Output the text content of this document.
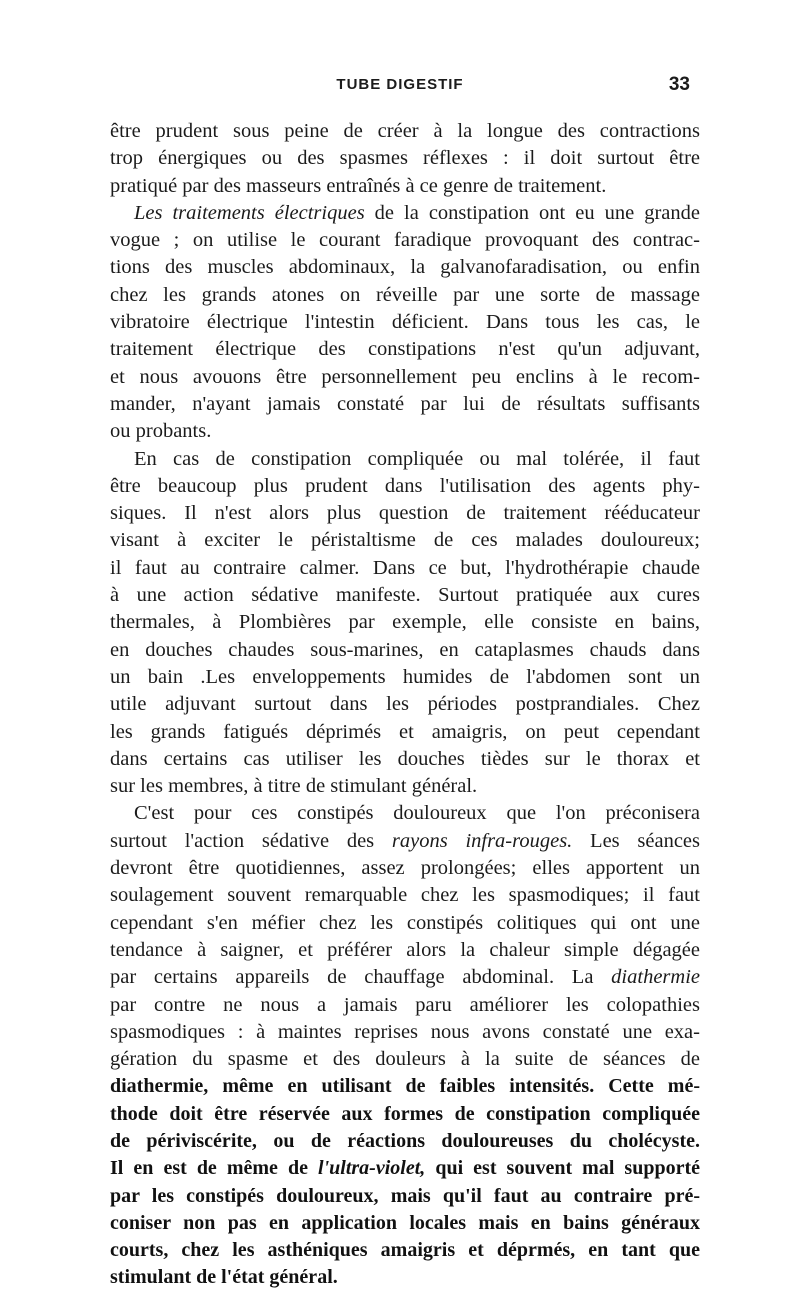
TUBE DIGESTIF	33
être prudent sous peine de créer à la longue des contractions
trop énergiques ou des spasmes réflexes : il doit surtout être
pratiqué par des masseurs entraînés à ce genre de traitement.
Les traitements électriques de la constipation ont eu une grande
vogue ; on utilise le courant faradique provoquant des contrac-
tions des muscles abdominaux, la galvanofaradisation, ou enfin
chez les grands atones on réveille par une sorte de massage
vibratoire électrique l'intestin déficient. Dans tous les cas, le
traitement électrique des constipations n'est qu'un adjuvant,
et nous avouons être personnellement peu enclins à le recom-
mander, n'ayant jamais constaté par lui de résultats suffisants
ou probants.
En cas de constipation compliquée ou mal tolérée, il faut
être beaucoup plus prudent dans l'utilisation des agents phy-
siques. Il n'est alors plus question de traitement rééducateur
visant à exciter le péristaltisme de ces malades douloureux;
il faut au contraire calmer. Dans ce but, l'hydrothérapie chaude
à une action sédative manifeste. Surtout pratiquée aux cures
thermales, à Plombières par exemple, elle consiste en bains,
en douches chaudes sous-marines, en cataplasmes chauds dans
un bain .Les enveloppements humides de l'abdomen sont un
utile adjuvant surtout dans les périodes postprandiales. Chez
les grands fatigués déprimés et amaigris, on peut cependant
dans certains cas utiliser les douches tièdes sur le thorax et
sur les membres, à titre de stimulant général.
C'est pour ces constipés douloureux que l'on préconisera
surtout l'action sédative des rayons infra-rouges. Les séances
devront être quotidiennes, assez prolongées; elles apportent un
soulagement souvent remarquable chez les spasmodiques; il faut
cependant s'en méfier chez les constipés colitiques qui ont une
tendance à saigner, et préférer alors la chaleur simple dégagée
par certains appareils de chauffage abdominal. La diathermie
par contre ne nous a jamais paru améliorer les colopathies
spasmodiques : à maintes reprises nous avons constaté une exa-
gération du spasme et des douleurs à la suite de séances de
diathermie, même en utilisant de faibles intensités. Cette mé-
thode doit être réservée aux formes de constipation compliquée
de périviscérite, ou de réactions douloureuses du cholécyste.
Il en est de même de l'ultra-violet, qui est souvent mal supporté
par les constipés douloureux, mais qu'il faut au contraire pré-
coniser non pas en application locales mais en bains généraux
courts, chez les asthéniques amaigris et déprmés, en tant que
stimulant de l'état général.
